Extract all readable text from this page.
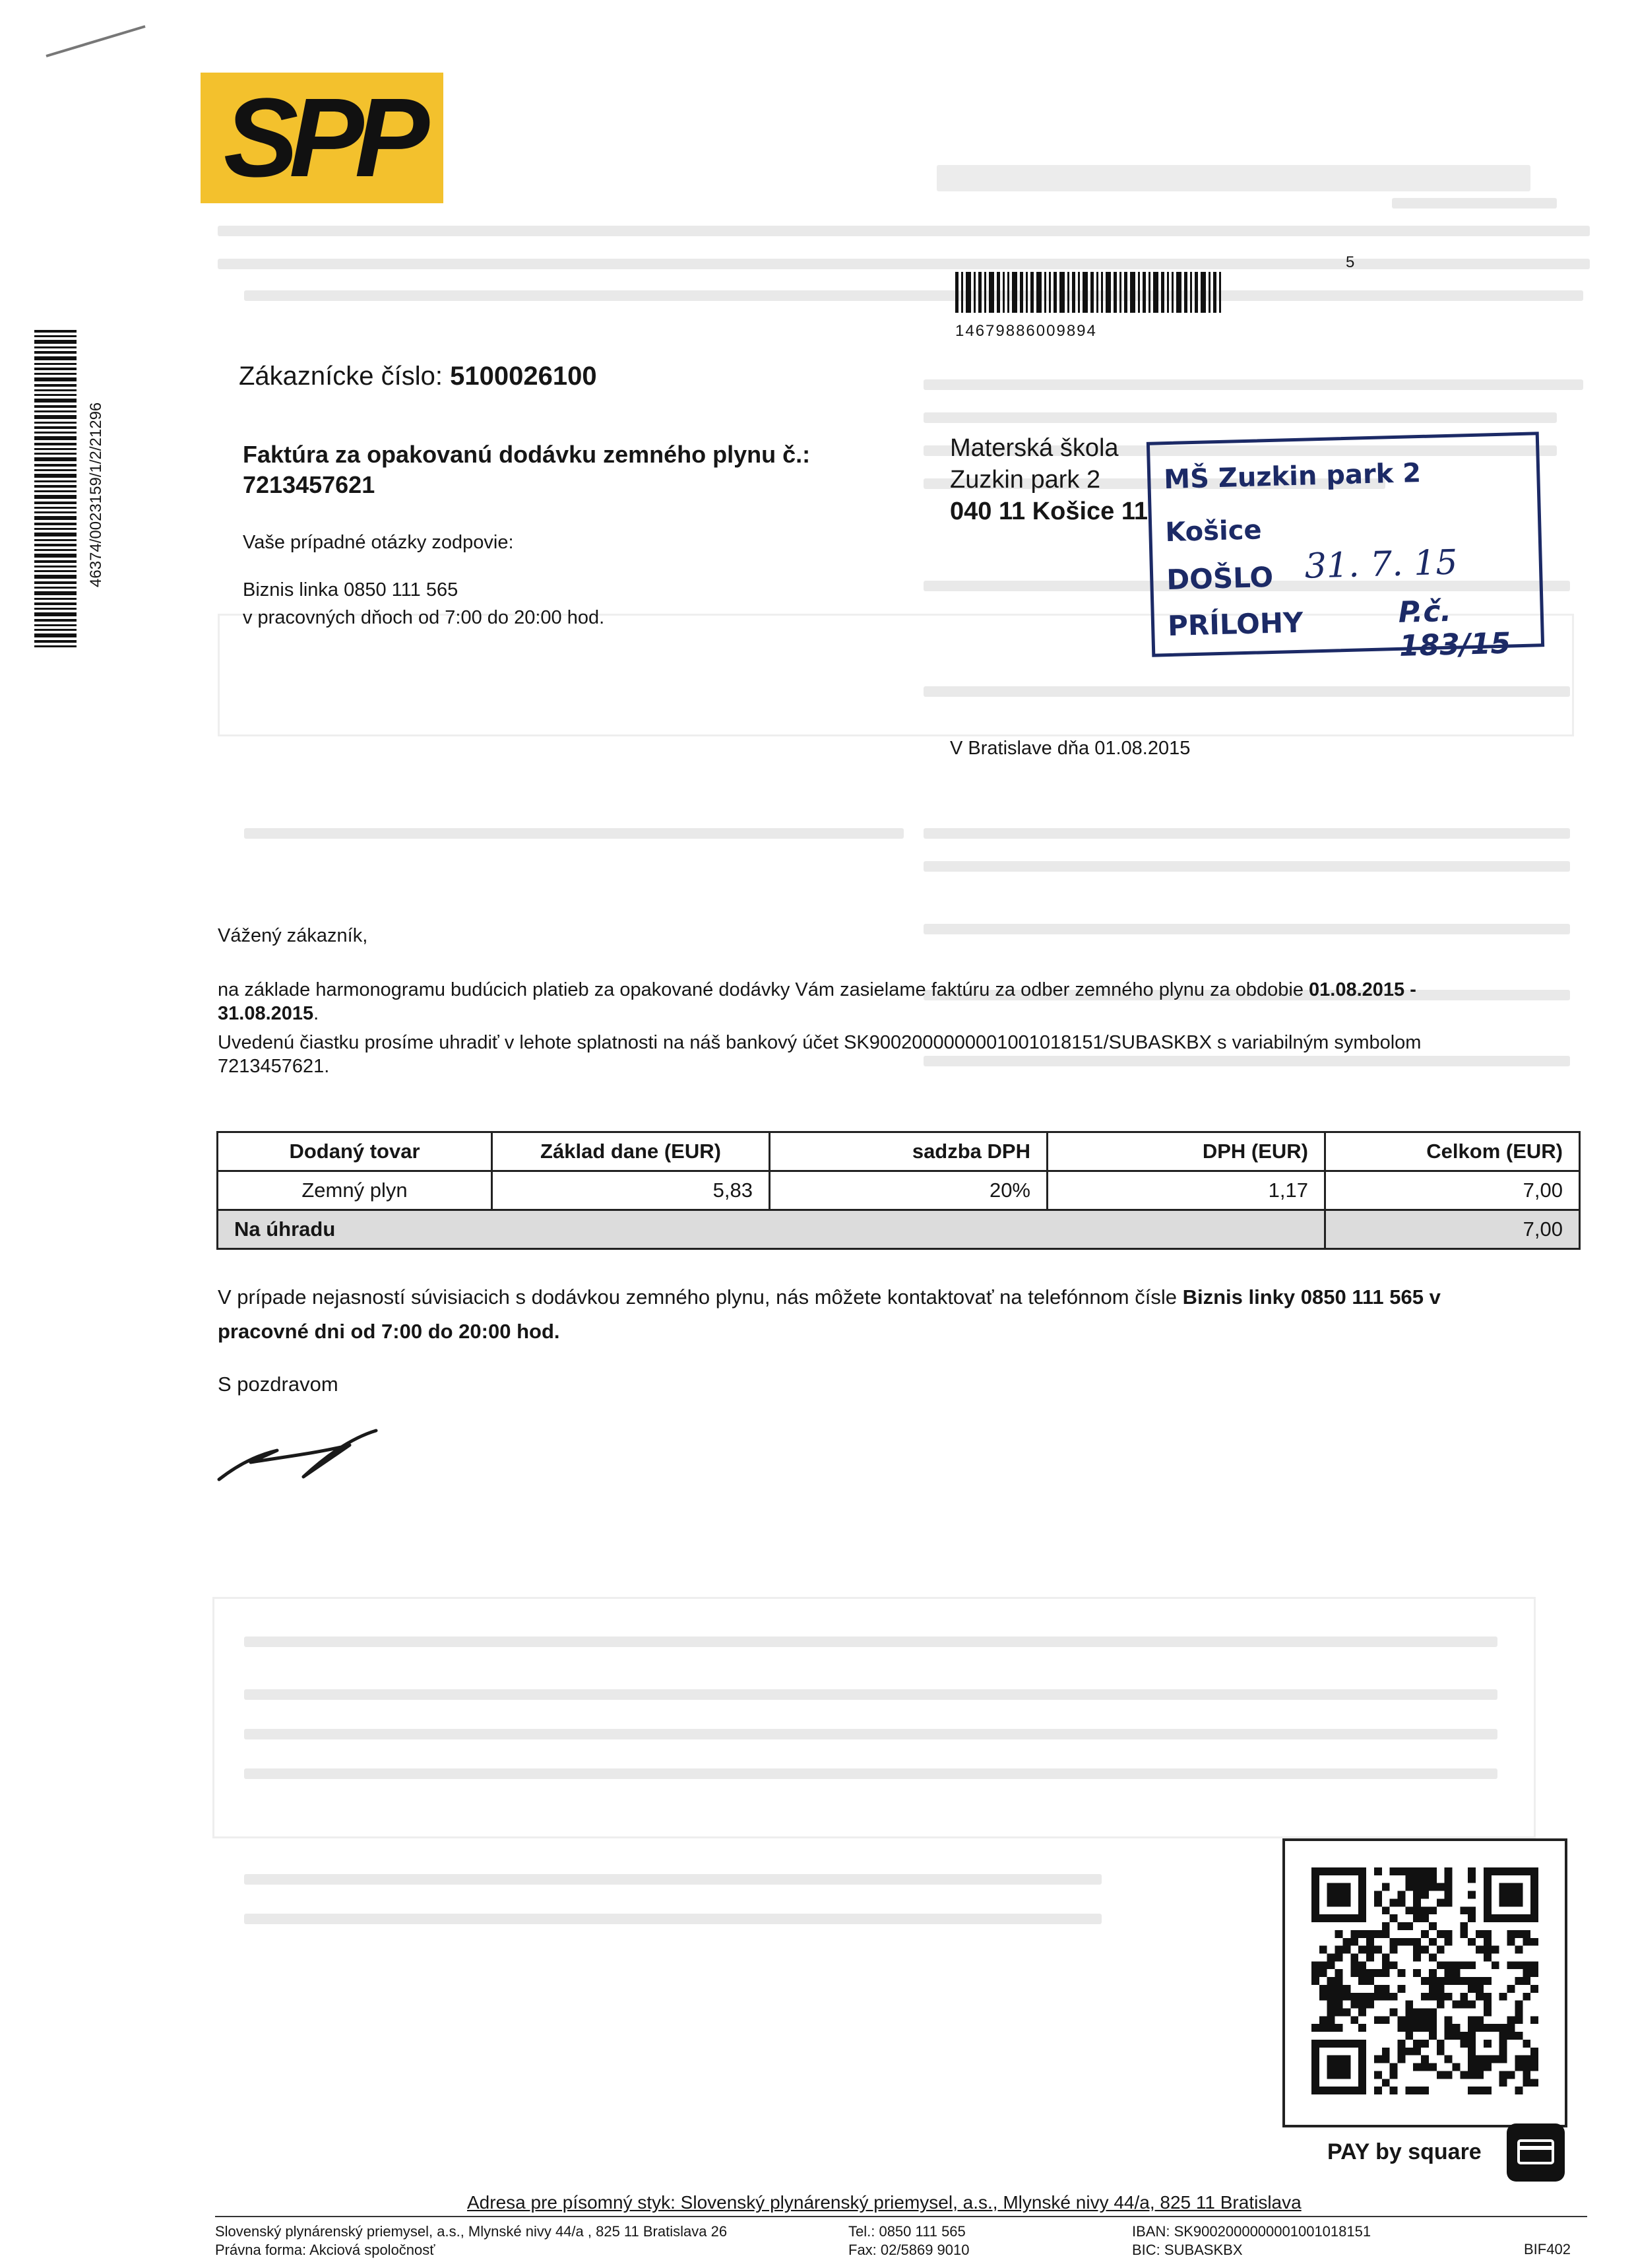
SPP
14679886009894
5
46374/0023159/1/2/21296
Zákaznícke číslo: 5100026100
Faktúra za opakovanú dodávku zemného plynu č.:
7213457621
Vaše prípadné otázky zodpovie:
Biznis linka 0850 111 565
v pracovných dňoch od 7:00 do 20:00 hod.
Materská škola
Zuzkin park 2
040 11 Košice 11
MŠ Zuzkin park 2
Košice
DOŠLO 31. 7. 15
PRÍLOHY	P.č. 183/15
V Bratislave dňa 01.08.2015
Vážený zákazník,
na základe harmonogramu budúcich platieb za opakované dodávky Vám zasielame faktúru za odber zemného plynu za obdobie 01.08.2015 -
31.08.2015.
Uvedenú čiastku prosíme uhradiť v lehote splatnosti na náš bankový účet SK9002000000001001018151/SUBASKBX s variabilným symbolom
7213457621.
Dodaný tovar	Základ dane (EUR)	sadzba DPH	DPH (EUR)	Celkom (EUR)
Zemný plyn	5,83	20%	1,17	7,00
Na úhradu				7,00
V prípade nejasností súvisiacich s dodávkou zemného plynu, nás môžete kontaktovať na telefónnom čísle Biznis linky 0850 111 565 v
pracovné dni od 7:00 do 20:00 hod.
S pozdravom
PAY by square
Adresa pre písomný styk: Slovenský plynárenský priemysel, a.s., Mlynské nivy 44/a, 825 11 Bratislava
Slovenský plynárenský priemysel, a.s., Mlynské nivy 44/a , 825 11 Bratislava 26
Právna forma: Akciová spoločnosť
Tel.: 0850 111 565
Fax: 02/5869 9010
IBAN: SK9002000000001001018151
BIC: SUBASKBX	BIF402
